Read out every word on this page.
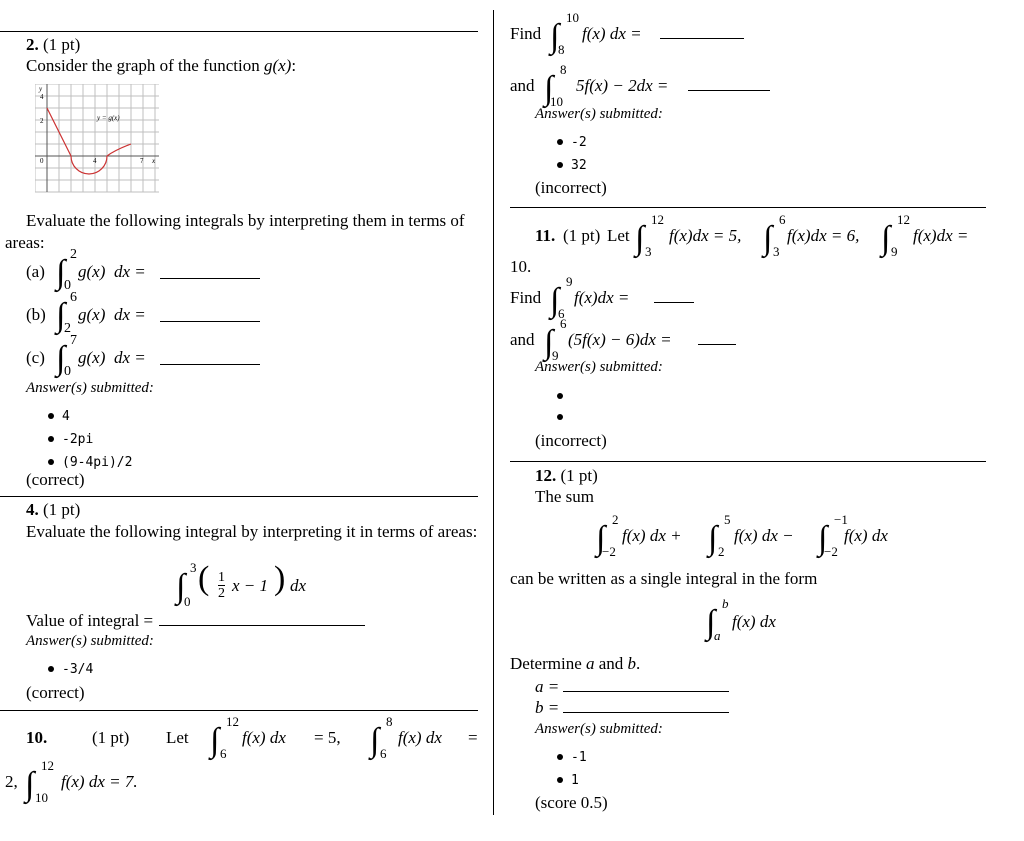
2. (1 pt)
Consider the graph of the function g(x):
y
x
y = g(x)
4
2
0	4	7
Evaluate the following integrals by interpreting them in terms of areas:
(a) ∫ 2
0
g(x) dx =
(b) ∫ 6
2
g(x) dx =
(c) ∫ 7
0
g(x) dx =
Answer(s) submitted:
4
-2pi
(9-4pi)/2
(correct)
4. (1 pt)
Evaluate the following integral by interpreting it in terms of areas:
∫
3
0
( $\frac{1}{2}$ x − 1 ) dx
Value of integral =
Answer(s) submitted:
-3/4
(correct)
10.	(1 pt) Let ∫
12
6
f(x) dx = 5, ∫
8
6
f(x) dx =
2, ∫
12
10
f(x) dx = 7.
Find ∫
10
8
f(x) dx =
and ∫
8
10
5f(x) − 2dx =
Answer(s) submitted:
-2
32
(incorrect)
11. (1 pt) Let ∫
12
3
f(x)dx = 5, ∫
6
3
f(x)dx = 6, ∫
12
9
f(x)dx =
10.
Find ∫
9
6
f(x)dx =
and ∫
6
9
(5f(x) − 6)dx =
Answer(s) submitted:
(incorrect)
12. (1 pt)
The sum
∫
2
−2
f(x) dx + ∫
5
2
f(x) dx − ∫
−1
−2
f(x) dx
can be written as a single integral in the form
∫
b
a
f(x) dx
Determine a and b.
a =
b =
Answer(s) submitted:
-1
1
(score 0.5)
